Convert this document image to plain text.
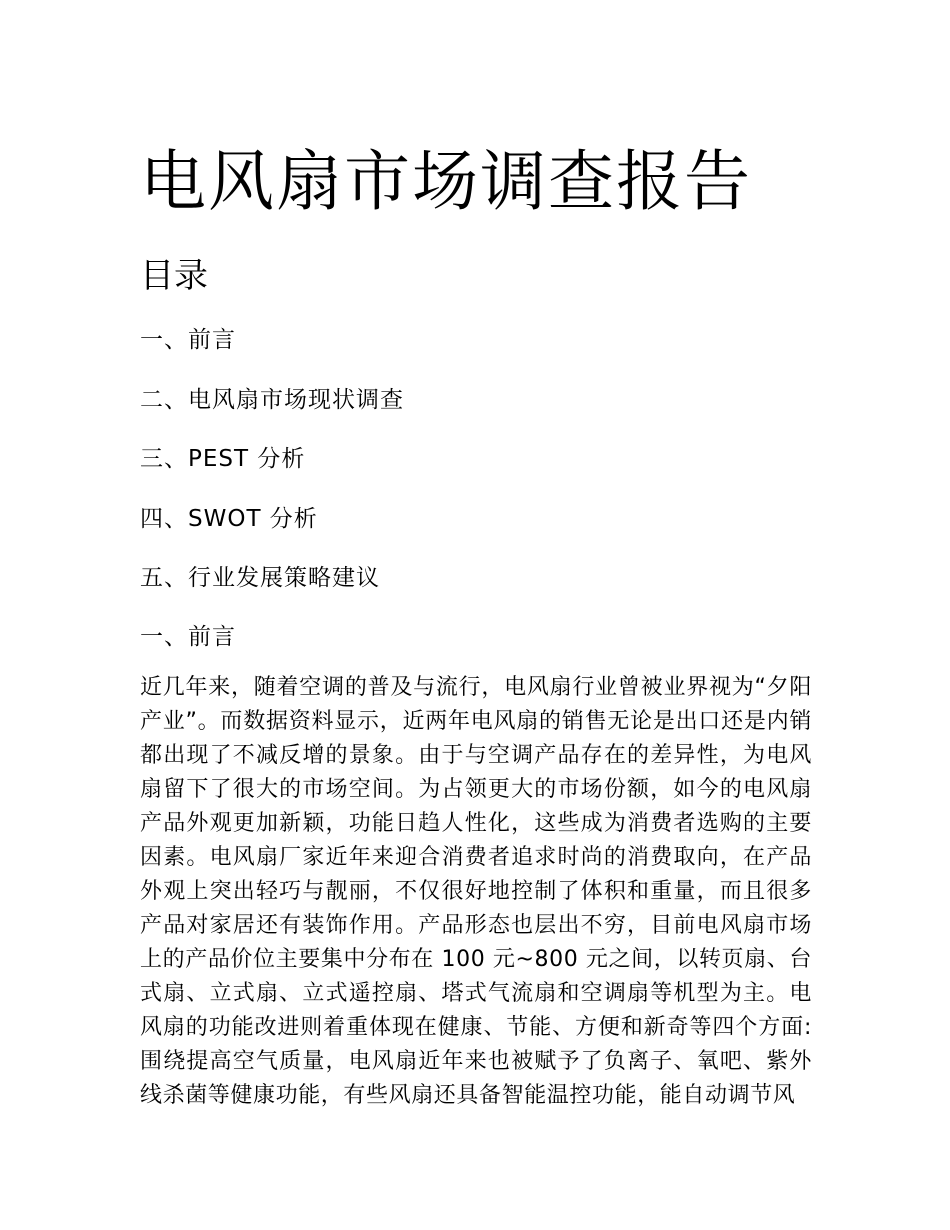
电风扇市场调查报告
目录
一、前言
二、电风扇市场现状调查
三、PEST 分析
四、SWOT 分析
五、行业发展策略建议
一、前言

近几年来，随着空调的普及与流行，电风扇行业曾被业界视为“夕阳产业”。而数据资料显示，近两年电风扇的销售无论是出口还是内销都出现了不减反增的景象。由于与空调产品存在的差异性，为电风扇留下了很大的市场空间。为占领更大的市场份额，如今的电风扇产品外观更加新颖，功能日趋人性化，这些成为消费者选购的主要因素。电风扇厂家近年来迎合消费者追求时尚的消费取向，在产品外观上突出轻巧与靓丽，不仅很好地控制了体积和重量，而且很多产品对家居还有装饰作用。产品形态也层出不穷，目前电风扇市场上的产品价位主要集中分布在 100 元~800 元之间，以转页扇、台式扇、立式扇、立式遥控扇、塔式气流扇和空调扇等机型为主。电风扇的功能改进则着重体现在健康、节能、方便和新奇等四个方面:围绕提高空气质量，电风扇近年来也被赋予了负离子、氧吧、紫外线杀菌等健康功能，有些风扇还具备智能温控功能，能自动调节风
